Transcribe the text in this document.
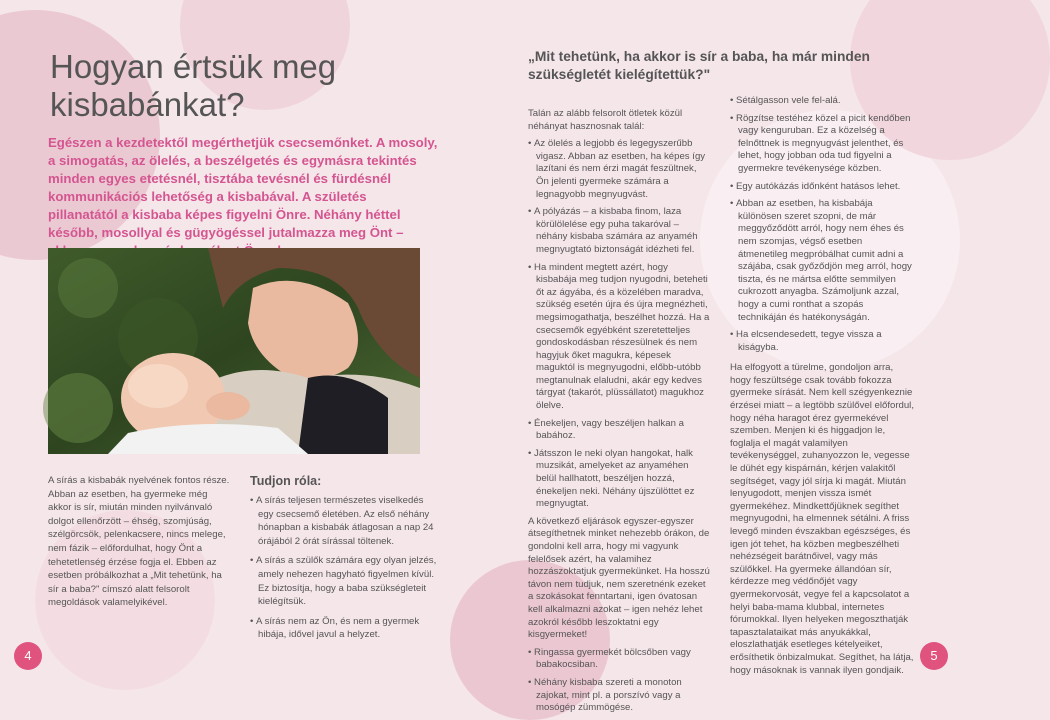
Hogyan értsük meg kisbabánkat?

Egészen a kezdetektől megérthetjük csecsemőnket. A mosoly, a simogatás, az ölelés, a beszélgetés és egymásra tekintés minden egyes etetésnél, tisztába tevésnél és fürdésnél kommunikációs lehetőség a kisbabával. A születés pillanatától a kisbaba képes figyelni Önre. Néhány héttel később, mosollyal és gügyögéssel jutalmazza meg Önt –

A sírás a kisbabák nyelvének fontos része. Abban az esetben, ha gyermeke még akkor is sír, miután minden nyilvánvaló dolgot ellenőrzött – éhség, szomjúság, szélgörcsök, pelenkacsere, nincs melege, nem fázik – előfordulhat, hogy Önt a tehetetlenség érzése fogja el. Ebben az esetben próbálkozhat a „Mit tehetünk, ha sír a baba?" címszó alatt felsorolt megoldások valamelyikével.

Tudjon róla:
• A sírás teljesen természetes viselkedés egy csecsemő életében. Az első néhány hónapban a kisbabák átlagosan a nap 24 órájából 2 órát sírással töltenek.
• A sírás a szülők számára egy olyan jelzés, amely nehezen hagyható figyelmen kívül. Ez biztosítja, hogy a baba szükségleteit kielégítsük.
• A sírás nem az Ön, és nem a gyermek hibája, idővel javul a helyzet.
4
„Mit tehetünk, ha akkor is sír a baba, ha már minden szükségletét kielégítettük?"

Talán az alább felsorolt ötletek közül néhányat hasznosnak talál:

• Az ölelés a legjobb és legegyszerűbb vigasz. Abban az esetben, ha képes így lazítani és nem érzi magát feszültnek, Ön jelenti gyermeke számára a legnagyobb megnyugvást.
• A pólyázás – a kisbaba finom, laza körülölelése egy puha takaróval – néhány kisbaba számára az anyaméh megnyugtató biztonságát idézheti fel.
• Ha mindent megtett azért, hogy kisbabája meg tudjon nyugodni, beteheti őt az ágyába, és a közelében maradva, szükség esetén újra és újra megnézheti, megsimogathatja, beszélhet hozzá. Ha a csecsemők egyébként szeretetteljes gondoskodásban részesülnek és nem hagyjuk őket magukra, képesek maguktól is megnyugodni, előbb-utóbb megtanulnak elaludni, akár egy kedves tárgyat (takarót, plüssállatot) magukhoz ölelve.
• Énekeljen, vagy beszéljen halkan a babához.
• Játsszon le neki olyan hangokat, halk muzsikát, amelyeket az anyaméhen belül hallhatott, beszéljen hozzá, énekeljen neki. Néhány újszülöttet ez megnyugtat.

A következő eljárások egyszer-egyszer átsegíthetnek minket nehezebb órákon, de gondolni kell arra, hogy mi vagyunk felelősek azért, ha valamihez hozzászoktatjuk gyermekünket. Ha hosszú távon nem tudjuk, nem szeretnénk ezeket a szokásokat fenntartani, igen óvatosan kell alkalmazni azokat – igen nehéz lehet azokról később leszoktatni egy kisgyermeket!

• Ringassa gyermekét bölcsőben vagy babakocsiban.
• Néhány kisbaba szereti a monoton zajokat, mint pl. a porszívó vagy a mosógép zümmögése.
• Sétálgasson vele fel-alá.
• Rögzítse testéhez közel a picit kendőben vagy kenguruban. Ez a közelség a felnőttnek is megnyugvást jelenthet, és lehet, hogy jobban oda tud figyelni a gyermekre tevékenysége közben.
• Egy autókázás időnként hatásos lehet.
• Abban az esetben, ha kisbabája különösen szeret szopni, de már meggyőződött arról, hogy nem éhes és nem szomjas, végső esetben átmenetileg megpróbálhat cumit adni a szájába, csak győződjön meg arról, hogy tiszta, és ne mártsa előtte semmilyen cukrozott anyagba. Számoljunk azzal, hogy a cumi ronthat a szopás technikáján és hatékonyságán.
• Ha elcsendesedett, tegye vissza a kiságyba.

Ha elfogyott a türelme, gondoljon arra, hogy feszültsége csak tovább fokozza gyermeke sírását. Nem kell szégyenkeznie érzései miatt – a legtöbb szülővel előfordul, hogy néha haragot érez gyermekével szemben. Menjen ki és higgadjon le, foglalja el magát valamilyen tevékenységgel, zuhanyozzon le, vegesse le dühét egy kispárnán, kérjen valakitől segítséget, vagy jól sírja ki magát. Miután lenyugodott, menjen vissza ismét gyermekéhez. Mindkettőjüknek segíthet megnyugodni, ha elmennek sétálni. A friss levegő minden évszakban egészséges, és igen jót tehet, ha közben megbeszélheti nehézségeit barátnőivel, vagy más szülőkkel. Ha gyermeke állandóan sír, kérdezze meg védőnőjét vagy gyermekorvosát, vegye fel a kapcsolatot a helyi baba-mama klubbal, internetes fórumokkal. Ilyen helyeken megoszthatják tapasztalataikat más anyukákkal, eloszlathatják esetleges kételyeiket, erősíthetik önbizalmukat. Segíthet, ha látja, hogy másoknak is vannak ilyen gondjaik.

5
